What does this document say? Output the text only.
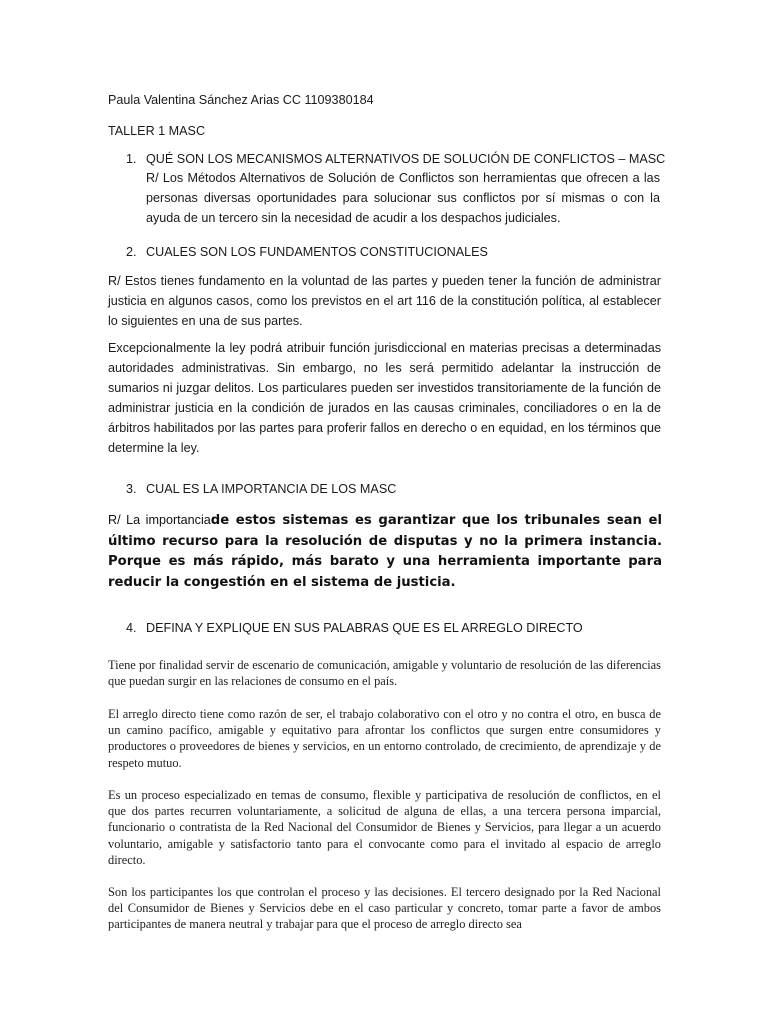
Paula Valentina Sánchez Arias CC 1109380184
TALLER 1 MASC
1. QUÉ SON LOS MECANISMOS ALTERNATIVOS DE SOLUCIÓN DE CONFLICTOS – MASC
R/ Los Métodos Alternativos de Solución de Conflictos son herramientas que ofrecen a las personas diversas oportunidades para solucionar sus conflictos por sí mismas o con la ayuda de un tercero sin la necesidad de acudir a los despachos judiciales.
2. CUALES SON LOS FUNDAMENTOS CONSTITUCIONALES
R/ Estos tienes fundamento en la voluntad de las partes y pueden tener la función de administrar justicia en algunos casos, como los previstos en el art 116 de la constitución política, al establecer lo siguientes en una de sus partes.
Excepcionalmente la ley podrá atribuir función jurisdiccional en materias precisas a determinadas autoridades administrativas. Sin embargo, no les será permitido adelantar la instrucción de sumarios ni juzgar delitos. Los particulares pueden ser investidos transitoriamente de la función de administrar justicia en la condición de jurados en las causas criminales, conciliadores o en la de árbitros habilitados por las partes para proferir fallos en derecho o en equidad, en los términos que determine la ley.
3. CUAL ES LA IMPORTANCIA DE LOS MASC
R/ La importanciade estos sistemas es garantizar que los tribunales sean el último recurso para la resolución de disputas y no la primera instancia. Porque es más rápido, más barato y una herramienta importante para reducir la congestión en el sistema de justicia.
4. DEFINA Y EXPLIQUE EN SUS PALABRAS QUE ES EL ARREGLO DIRECTO
Tiene por finalidad servir de escenario de comunicación, amigable y voluntario de resolución de las diferencias que puedan surgir en las relaciones de consumo en el país.
El arreglo directo tiene como razón de ser, el trabajo colaborativo con el otro y no contra el otro, en busca de un camino pacífico, amigable y equitativo para afrontar los conflictos que surgen entre consumidores y productores o proveedores de bienes y servicios, en un entorno controlado, de crecimiento, de aprendizaje y de respeto mutuo.
Es un proceso especializado en temas de consumo, flexible y participativa de resolución de conflictos, en el que dos partes recurren voluntariamente, a solicitud de alguna de ellas, a una tercera persona imparcial, funcionario o contratista de la Red Nacional del Consumidor de Bienes y Servicios, para llegar a un acuerdo voluntario, amigable y satisfactorio tanto para el convocante como para el invitado al espacio de arreglo directo.
Son los participantes los que controlan el proceso y las decisiones. El tercero designado por la Red Nacional del Consumidor de Bienes y Servicios debe en el caso particular y concreto, tomar parte a favor de ambos participantes de manera neutral y trabajar para que el proceso de arreglo directo sea
